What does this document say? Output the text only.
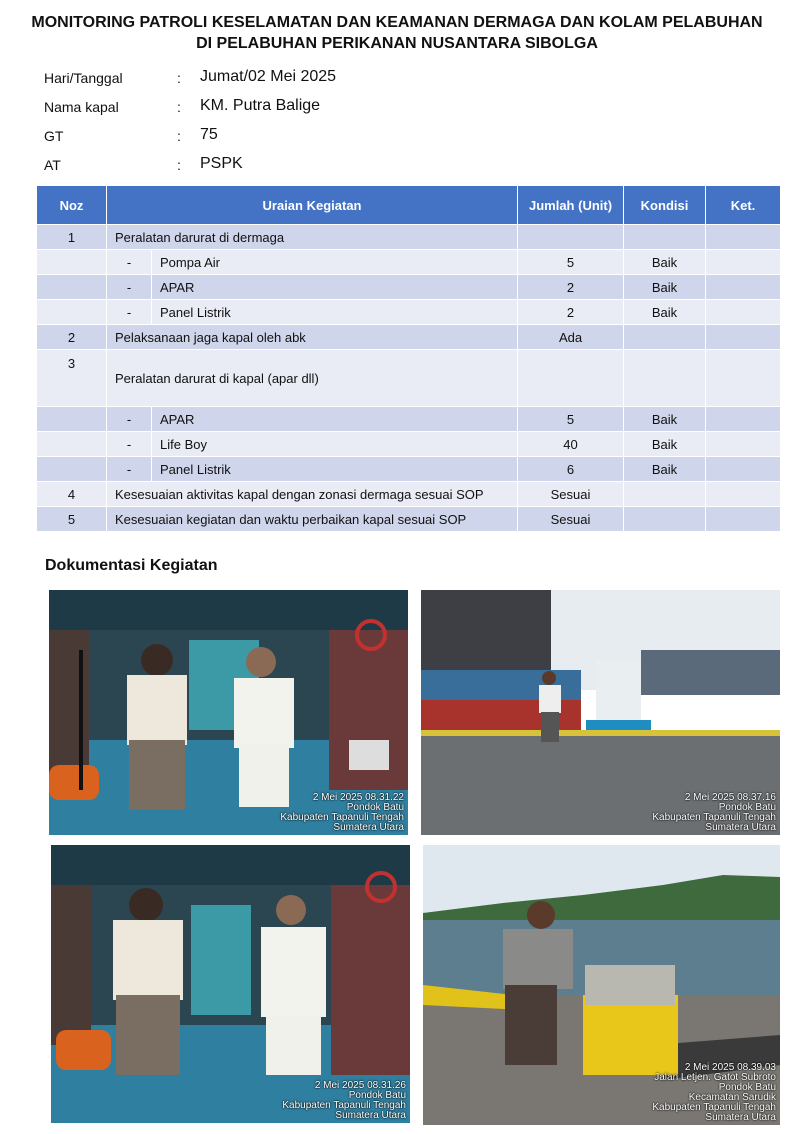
MONITORING PATROLI KESELAMATAN DAN KEAMANAN DERMAGA DAN KOLAM PELABUHAN
DI PELABUHAN PERIKANAN NUSANTARA SIBOLGA
Hari/Tanggal	: Jumat/02 Mei 2025
Nama kapal	: KM. Putra Balige
GT	: 75
AT	: PSPK
Noz	Uraian Kegiatan		Jumlah (Unit)	Kondisi	Ket.
1	Peralatan darurat di dermaga				
	-	Pompa Air	5	Baik	
	-	APAR	2	Baik	
	-	Panel Listrik	2	Baik	
2	Pelaksanaan jaga kapal oleh abk		Ada		
3	Peralatan darurat di kapal (apar dll)				
	-	APAR	5	Baik	
	-	Life Boy	40	Baik	
	-	Panel Listrik	6	Baik	
4	Kesesuaian aktivitas kapal dengan zonasi dermaga sesuai SOP		Sesuai		
5	Kesesuaian kegiatan dan waktu perbaikan kapal sesuai SOP		Sesuai		
Dokumentasi Kegiatan
2 Mei 2025 08.31.22
Pondok Batu
Kabupaten Tapanuli Tengah
Sumatera Utara
2 Mei 2025 08.37.16
Pondok Batu
Kabupaten Tapanuli Tengah
Sumatera Utara
2 Mei 2025 08.31.26
Pondok Batu
Kabupaten Tapanuli Tengah
Sumatera Utara
2 Mei 2025 08.39.03
Jalan Letjen. Gatot Subroto
Pondok Batu
Kecamatan Sarudik
Kabupaten Tapanuli Tengah
Sumatera Utara
